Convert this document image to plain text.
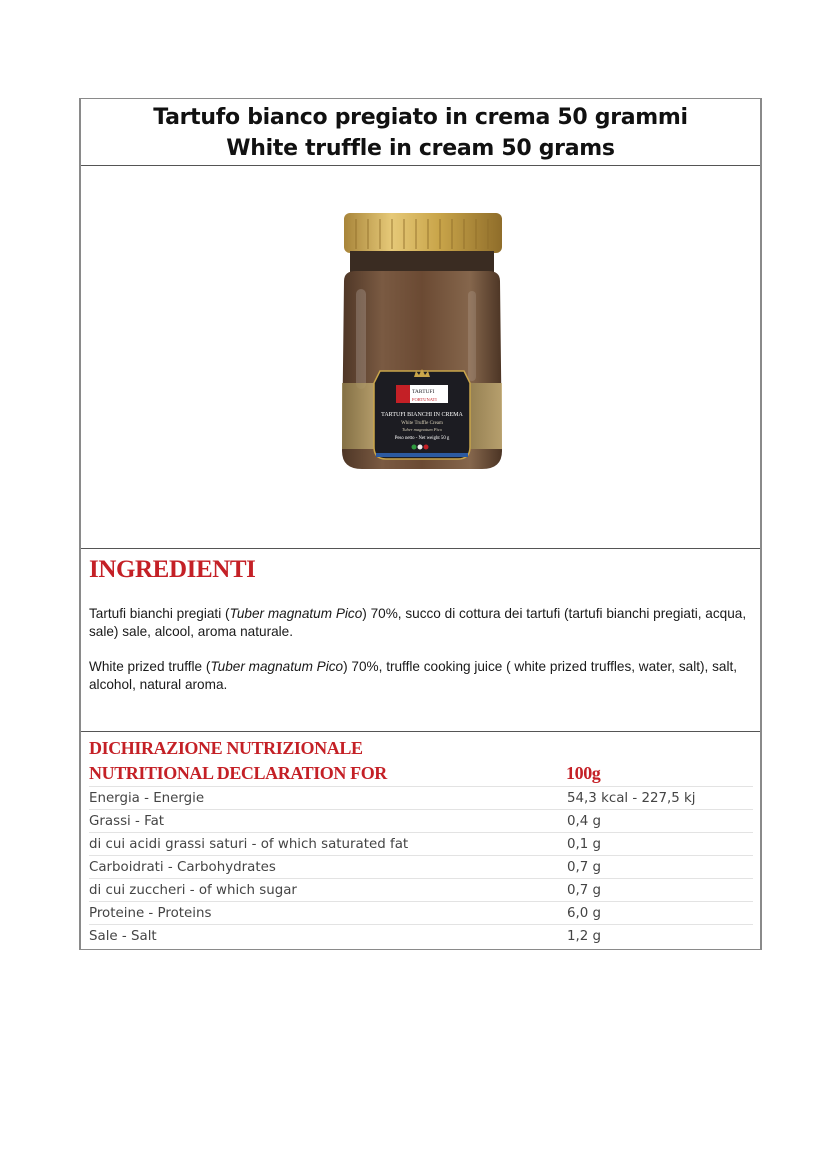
Tartufo bianco pregiato in crema 50 grammi
White truffle in cream 50 grams
TARTUFI
FORTUNATI
TARTUFI BIANCHI IN CREMA
White Truffle Cream
Tuber magnatum Pico
Peso netto - Net weight 50 g
INGREDIENTI

Tartufi bianchi pregiati (Tuber magnatum Pico) 70%, succo di cottura dei tartufi (tartufi bianchi pregiati, acqua, sale) sale, alcool, aroma naturale.

White prized truffle (Tuber magnatum Pico) 70%, truffle cooking juice ( white prized truffles, water, salt), salt, alcohol, natural aroma.

DICHIRAZIONE NUTRIZIONALE
NUTRITIONAL DECLARATION FOR	100g
Energia - Energie	54,3 kcal - 227,5 kj
Grassi - Fat	0,4 g
di cui acidi grassi saturi - of which saturated fat	0,1 g
Carboidrati - Carbohydrates	0,7 g
di cui zuccheri - of which sugar	0,7 g
Proteine - Proteins	6,0 g
Sale - Salt	1,2 g
